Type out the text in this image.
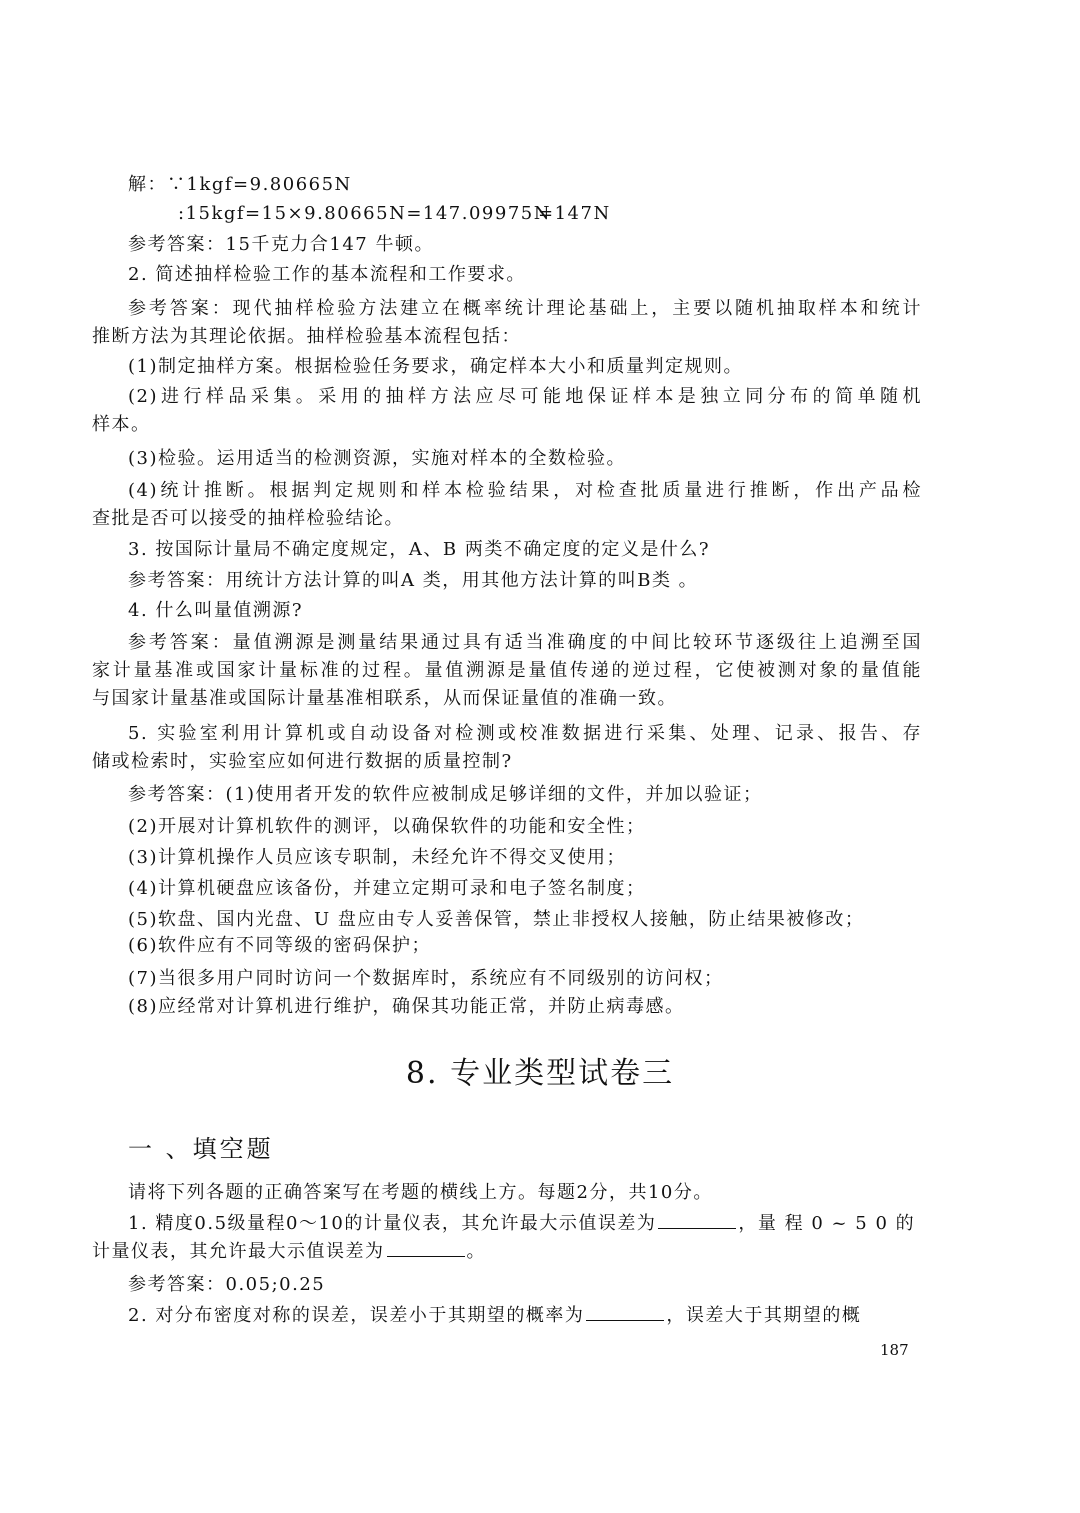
解：∵1kgf=9.80665N
:15kgf=15×9.80665N=147.09975N
=147N
参考答案：15千克力合147 牛顿。
2. 简述抽样检验工作的基本流程和工作要求。
参考答案：现代抽样检验方法建立在概率统计理论基础上，主要以随机抽取样本和统计
推断方法为其理论依据。抽样检验基本流程包括：
(1)制定抽样方案。根据检验任务要求，确定样本大小和质量判定规则。
(2)进行样品采集。采用的抽样方法应尽可能地保证样本是独立同分布的简单随机
样本。
(3)检验。运用适当的检测资源，实施对样本的全数检验。
(4)统计推断。根据判定规则和样本检验结果，对检查批质量进行推断，作出产品检
查批是否可以接受的抽样检验结论。
3. 按国际计量局不确定度规定，A、B 两类不确定度的定义是什么?
参考答案：用统计方法计算的叫A 类，用其他方法计算的叫B类 。
4. 什么叫量值溯源?
参考答案：量值溯源是测量结果通过具有适当准确度的中间比较环节逐级往上追溯至国
家计量基准或国家计量标准的过程。量值溯源是量值传递的逆过程，它使被测对象的量值能
与国家计量基准或国际计量基准相联系，从而保证量值的准确一致。
5. 实验室利用计算机或自动设备对检测或校准数据进行采集、处理、记录、报告、存
储或检索时，实验室应如何进行数据的质量控制?
参考答案：(1)使用者开发的软件应被制成足够详细的文件，并加以验证；
(2)开展对计算机软件的测评，以确保软件的功能和安全性；
(3)计算机操作人员应该专职制，未经允许不得交叉使用；
(4)计算机硬盘应该备份，并建立定期可录和电子签名制度；
(5)软盘、国内光盘、U 盘应由专人妥善保管，禁止非授权人接触，防止结果被修改；
(6)软件应有不同等级的密码保护；
(7)当很多用户同时访问一个数据库时，系统应有不同级别的访问权；
(8)应经常对计算机进行维护，确保其功能正常，并防止病毒感。
8. 专业类型试卷三
一 、填空题
请将下列各题的正确答案写在考题的横线上方。每题2分，共10分。
1. 精度0.5级量程0～10的计量仪表，其允许最大示值误差为	，量 程 0 ~ 5 0 的
计量仪表，其允许最大示值误差为	。
参考答案：0.05;0.25
2. 对分布密度对称的误差，误差小于其期望的概率为	，误差大于其期望的概
187
